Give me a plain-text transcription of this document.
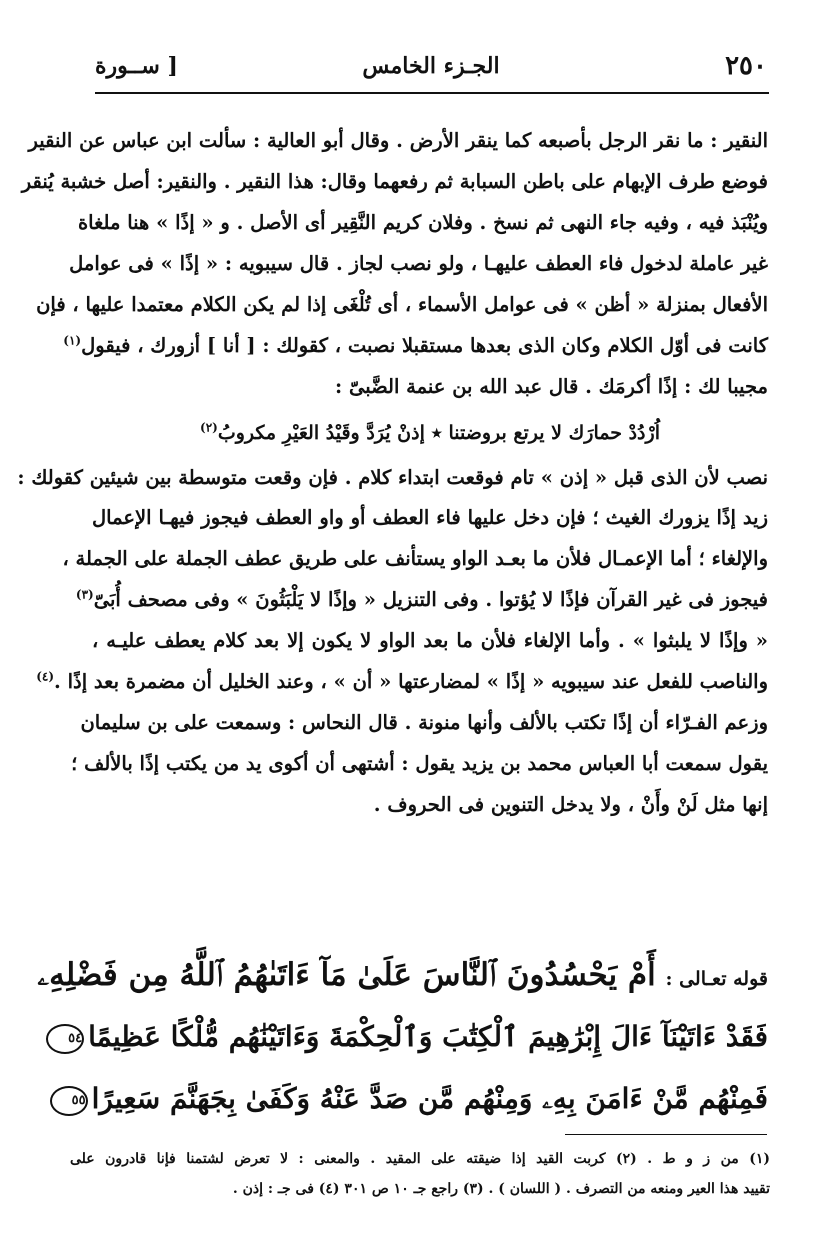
٢٥٠
الجـزء الخامس
[ ســورة
النقير : ما نقر الرجل بأصبعه كما ينقر الأرض . وقال أبو العالية : سألت ابن عباس عن النقير
فوضع طرف الإبهام على باطن السبابة ثم رفعهما وقال: هذا النقير . والنقير: أصل خشبة يُنقر
ويُنْبَذ فيه ، وفيه جاء النهى ثم نسخ . وفلان كريم النَّقِير أى الأصل . و « إذًا » هنا ملغاة
غير عاملة لدخول فاء العطف عليهـا ، ولو نصب لجاز . قال سيبويه : « إذًا » فى عوامل
الأفعال بمنزلة « أظن » فى عوامل الأسماء ، أى تُلْغَى إذا لم يكن الكلام معتمدا عليها ، فإن
كانت فى أوّل الكلام وكان الذى بعدها مستقبلا نصبت ، كقولك : [ أنا ] أزورك ، فيقول$^{(١)}$
مجيبا لك : إذًا أكرمَك . قال عبد الله بن عنمة الضَّبىّ :
اُرْدُدْ حمارَك لا يرتع بروضتنا ٭ إذنْ يُرَدَّ وقَيْدُ العَيْرِ مكروبُ$^{(٢)}$
نصب لأن الذى قبل « إذن » تام فوقعت ابتداء كلام . فإن وقعت متوسطة بين شيئين كقولك :
زيد إذًا يزورك الغيث ؛ فإن دخل عليها فاء العطف أو واو العطف فيجوز فيهـا الإعمال
والإلغاء ؛ أما الإعمـال فلأن ما بعـد الواو يستأنف على طريق عطف الجملة على الجملة ،
فيجوز فى غير القرآن فإذًا لا يُؤتوا . وفى التنزيل « وإذًا لا يَلْبَثُونَ » وفى مصحف أُبَىّ$^{(٣)}$
« وإذًا لا يلبثوا » . وأما الإلغاء فلأن ما بعد الواو لا يكون إلا بعد كلام يعطف عليـه ،
والناصب للفعل عند سيبويه « إذًا » لمضارعتها « أن » ، وعند الخليل أن مضمرة بعد إذًا .$^{(٤)}$
وزعم الفـرّاء أن إذًا تكتب بالألف وأنها منونة . قال النحاس : وسمعت على بن سليمان
يقول سمعت أبا العباس محمد بن يزيد يقول : أشتهى أن أكوى يد من يكتب إذًا بالألف ؛
إنها مثل لَنْ وأَنْ ، ولا يدخل التنوين فى الحروف .
قوله تعـالى : أَمْ يَحْسُدُونَ ٱلنَّاسَ عَلَىٰ مَآ ءَاتَىٰهُمُ ٱللَّهُ مِن فَضْلِهِۦ
فَقَدْ ءَاتَيْنَآ ءَالَ إِبْرَٰهِيمَ ٱلْكِتَٰبَ وَٱلْحِكْمَةَ وَءَاتَيْنَٰهُم مُّلْكًا عَظِيمًا٥٤
فَمِنْهُم مَّنْ ءَامَنَ بِهِۦ وَمِنْهُم مَّن صَدَّ عَنْهُ وَكَفَىٰ بِجَهَنَّمَ سَعِيرًا٥٥
(١) من ز و ط . (٢) كربت القيد إذا ضيقته على المقيد . والمعنى : لا تعرض لشتمنا فإنا قادرون على
تقييد هذا العير ومنعه من التصرف . ( اللسان ) . (٣) راجع جـ ١٠ ص ٣٠١ (٤) فى جـ : إذن .
